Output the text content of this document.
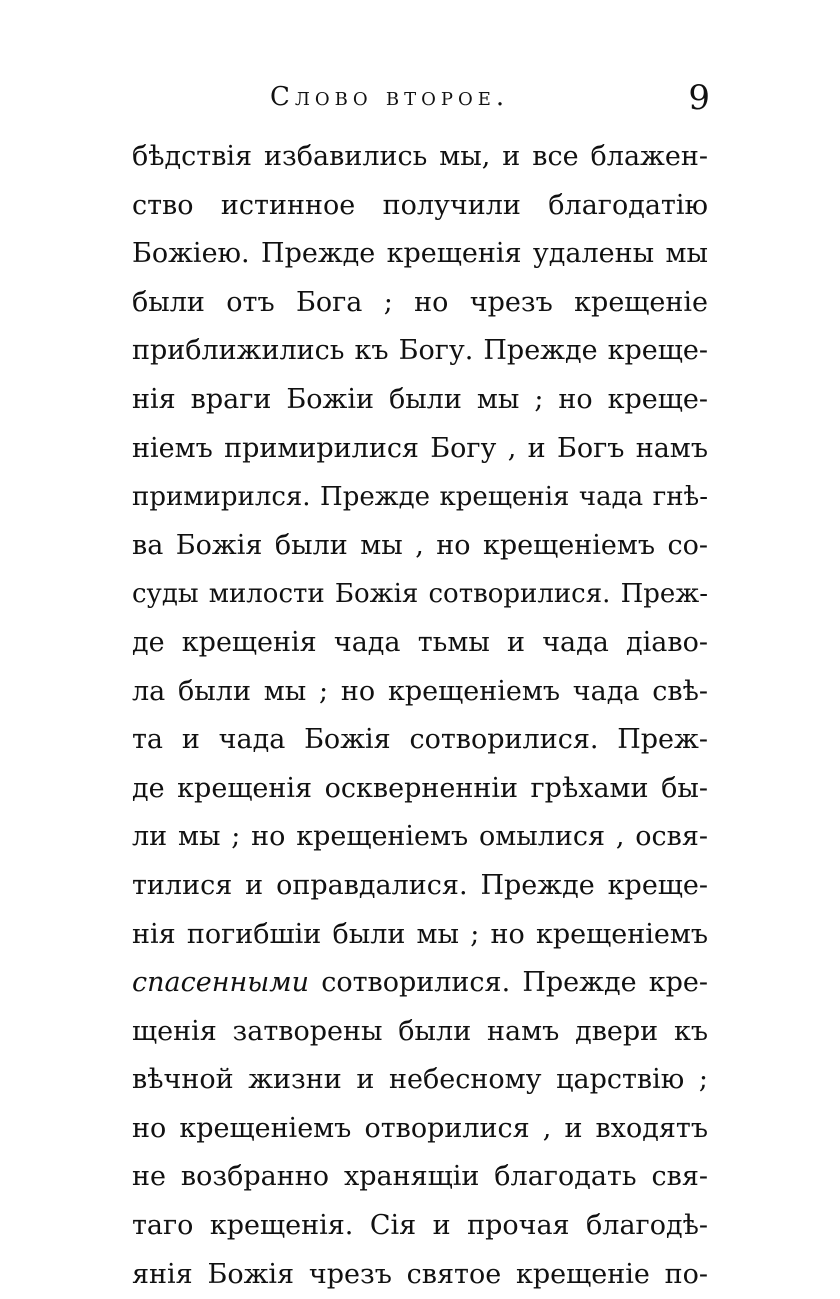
Слово второе.	9
бѣдствія избавились мы, и все блажен-
ство истинное получили благодатію
Божіею. Прежде крещенія удалены мы
были отъ Бога ; но чрезъ крещеніе
приближились къ Богу. Прежде креще-
нія враги Божіи были мы ; но креще-
ніемъ примирилися Богу , и Богъ намъ
примирился. Прежде крещенія чада гнѣ-
ва Божія были мы , но крещеніемъ со-
суды милости Божія сотворилися. Преж-
де крещенія чада тьмы и чада діаво-
ла были мы ; но крещеніемъ чада свѣ-
та и чада Божія сотворилися. Преж-
де крещенія оскверненніи грѣхами бы-
ли мы ; но крещеніемъ омылися , освя-
тилися и оправдалися. Прежде креще-
нія погибшіи были мы ; но крещеніемъ
спасенными сотворилися. Прежде кре-
щенія затворены были намъ двери къ
вѣчной жизни и небесному царствію ;
но крещеніемъ отворилися , и входятъ
не возбранно хранящіи благодать свя-
таго крещенія. Сія и прочая благодѣ-
янія Божія чрезъ святое крещеніе по-
